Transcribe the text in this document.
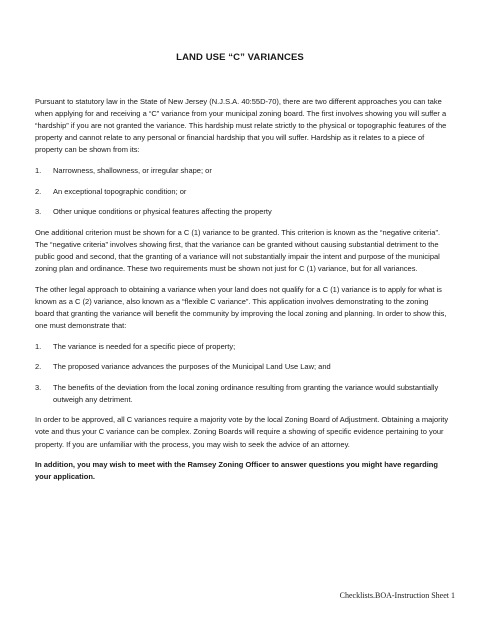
LAND USE “C” VARIANCES

Pursuant to statutory law in the State of New Jersey (N.J.S.A. 40:55D-70), there are two different approaches you can take when applying for and receiving a “C” variance from your municipal zoning board. The first involves showing you will suffer a “hardship” if you are not granted the variance. This hardship must relate strictly to the physical or topographic features of the property and cannot relate to any personal or financial hardship that you will suffer. Hardship as it relates to a piece of property can be shown from its:

1. Narrowness, shallowness, or irregular shape; or
2. An exceptional topographic condition; or
3. Other unique conditions or physical features affecting the property

One additional criterion must be shown for a C (1) variance to be granted. This criterion is known as the “negative criteria”. The “negative criteria” involves showing first, that the variance can be granted without causing substantial detriment to the public good and second, that the granting of a variance will not substantially impair the intent and purpose of the municipal zoning plan and ordinance. These two requirements must be shown not just for C (1) variance, but for all variances.

The other legal approach to obtaining a variance when your land does not qualify for a C (1) variance is to apply for what is known as a C (2) variance, also known as a “flexible C variance”. This application involves demonstrating to the zoning board that granting the variance will benefit the community by improving the local zoning and planning. In order to show this, one must demonstrate that:

1. The variance is needed for a specific piece of property;
2. The proposed variance advances the purposes of the Municipal Land Use Law; and
3. The benefits of the deviation from the local zoning ordinance resulting from granting the variance would substantially outweigh any detriment.

In order to be approved, all C variances require a majority vote by the local Zoning Board of Adjustment. Obtaining a majority vote and thus your C variance can be complex. Zoning Boards will require a showing of specific evidence pertaining to your property. If you are unfamiliar with the process, you may wish to seek the advice of an attorney.

In addition, you may wish to meet with the Ramsey Zoning Officer to answer questions you might have regarding your application.

Checklists.BOA-Instruction Sheet 1
